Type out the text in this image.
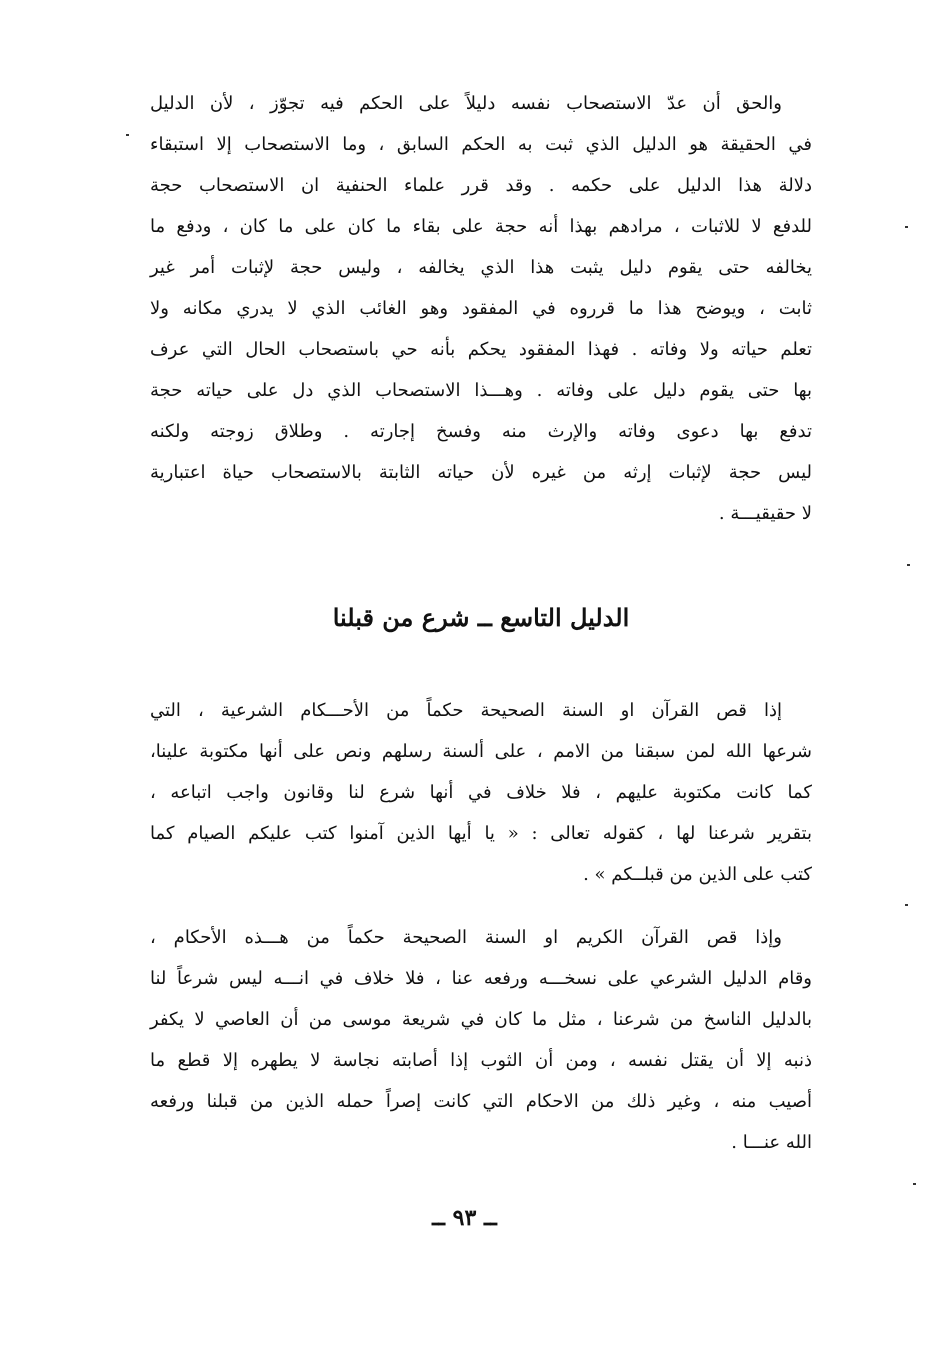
والحق أن عدّ الاستصحاب نفسه دليلاً على الحكم فيه تجوّز ، لأن الدليل
في الحقيقة هو الدليل الذي ثبت به الحكم السابق ، وما الاستصحاب إلا استبقاء
دلالة هذا الدليل على حكمه . وقد قرر علماء الحنفية ان الاستصحاب حجة
للدفع لا للاثبات ، مرادهم بهذا أنه حجة على بقاء ما كان على ما كان ، ودفع ما
يخالفه حتى يقوم دليل يثبت هذا الذي يخالفه ، وليس حجة لإثبات أمر غير
ثابت ، ويوضح هذا ما قرروه في المفقود وهو الغائب الذي لا يدري مكانه ولا
تعلم حياته ولا وفاته . فهذا المفقود يحكم بأنه حي باستصحاب الحال التي عرف
بها حتى يقوم دليل على وفاته . وهـــذا الاستصحاب الذي دل على حياته حجة
تدفع بها دعوى وفاته والإرث منه وفسخ إجارته . وطلاق زوجته ولكنه
ليس حجة لإثبات إرثه من غيره لأن حياته الثابتة بالاستصحاب حياة اعتبارية
لا حقيقيـــة .

الدليل التاسع ــ شرع من قبلنا

إذا قص القرآن او السنة الصحيحة حكماً من الأحـــكام الشرعية ، التي
شرعها الله لمن سبقنا من الامم ، على ألسنة رسلهم ونص على أنها مكتوبة علينا،
كما كانت مكتوبة عليهم ، فلا خلاف في أنها شرع لنا وقانون واجب اتباعه ،
بتقرير شرعنا لها ، كقوله تعالى : « يا أيها الذين آمنوا كتب عليكم الصيام كما
كتب على الذين من قبلــكم » .

وإذا قص القرآن الكريم او السنة الصحيحة حكماً من هـــذه الأحكام ،
وقام الدليل الشرعي على نسخـــه ورفعه عنا ، فلا خلاف في انـــه ليس شرعاً لنا
بالدليل الناسخ من شرعنا ، مثل ما كان في شريعة موسى من أن العاصي لا يكفر
ذنبه إلا أن يقتل نفسه ، ومن أن الثوب إذا أصابته نجاسة لا يطهره إلا قطع ما
أصيب منه ، وغير ذلك من الاحكام التي كانت إصراً حمله الذين من قبلنا ورفعه
الله عنـــا .

ــ ٩٣ ــ
